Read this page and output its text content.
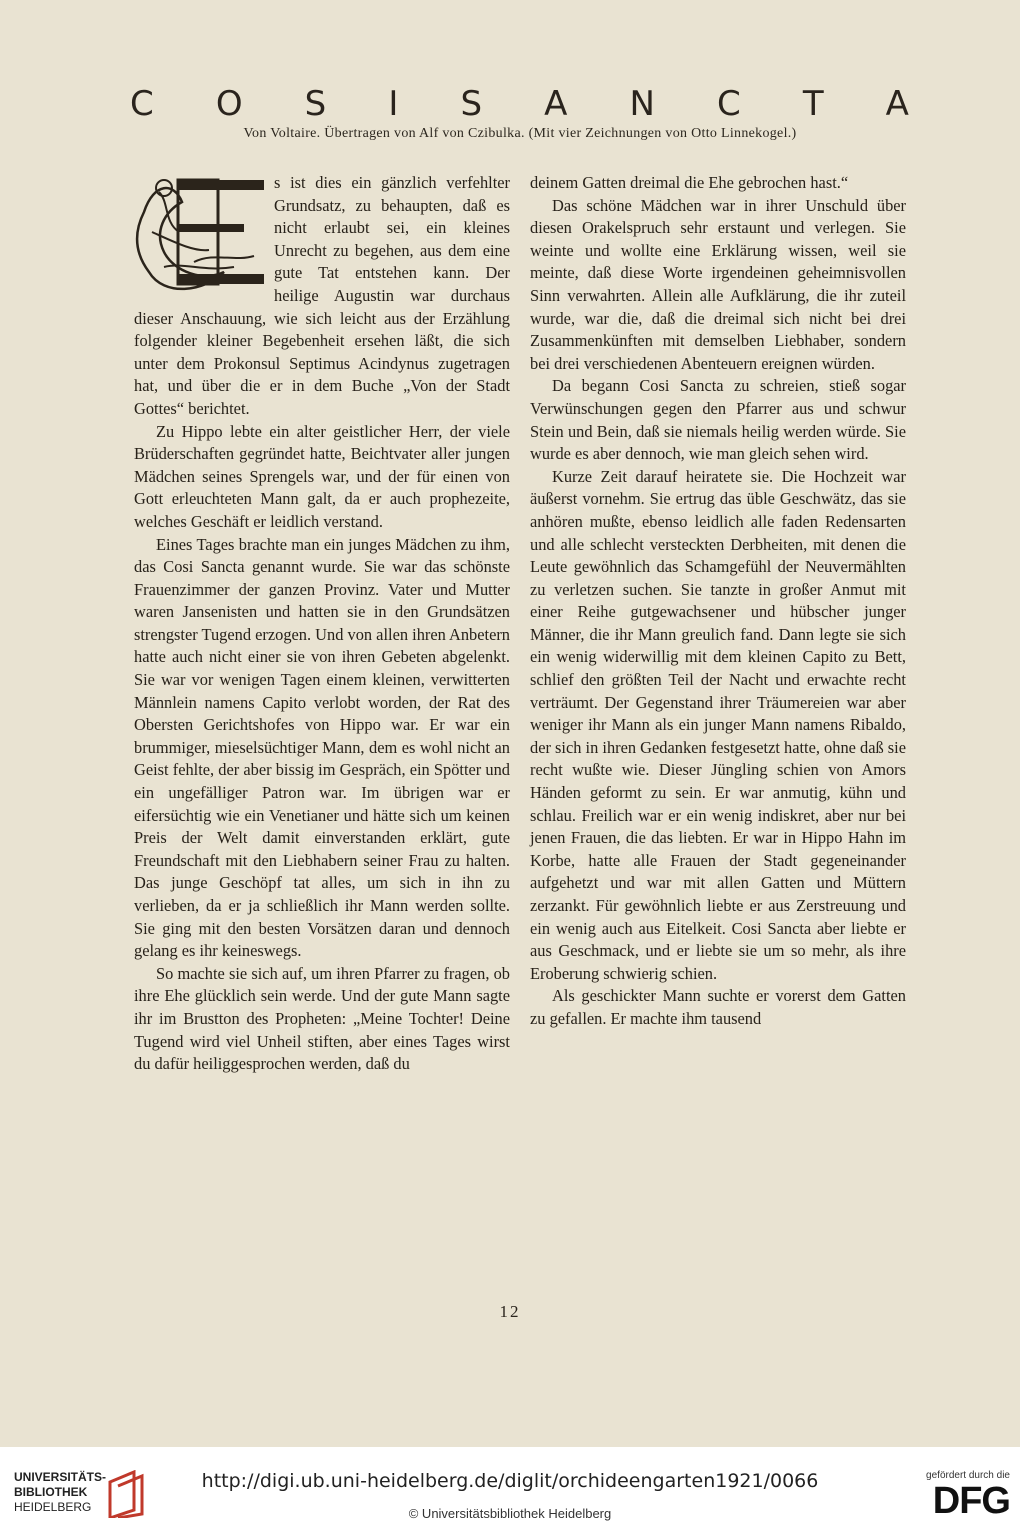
C O S I S A N C T A
Von Voltaire. Übertragen von Alf von Czibulka. (Mit vier Zeichnungen von Otto Linnekogel.)

s ist dies ein gänzlich verfehlter Grundsatz, zu behaupten, daß es nicht erlaubt sei, ein kleines Unrecht zu begehen, aus dem eine gute Tat entstehen kann. Der heilige Augustin war durchaus dieser Anschauung, wie sich leicht aus der Erzählung folgender kleiner Begebenheit ersehen läßt, die sich unter dem Prokonsul Septimus Acindynus zugetragen hat, und über die er in dem Buche „Von der Stadt Gottes“ berichtet.

Zu Hippo lebte ein alter geistlicher Herr, der viele Brüderschaften gegründet hatte, Beichtvater aller jungen Mädchen seines Sprengels war, und der für einen von Gott erleuchteten Mann galt, da er auch prophezeite, welches Geschäft er leidlich verstand.

Eines Tages brachte man ein junges Mädchen zu ihm, das Cosi Sancta genannt wurde. Sie war das schönste Frauenzimmer der ganzen Provinz. Vater und Mutter waren Jansenisten und hatten sie in den Grundsätzen strengster Tugend erzogen. Und von allen ihren Anbetern hatte auch nicht einer sie von ihren Gebeten abgelenkt. Sie war vor wenigen Tagen einem kleinen, verwitterten Männlein namens Capito verlobt worden, der Rat des Obersten Gerichtshofes von Hippo war. Er war ein brummiger, mieselsüchtiger Mann, dem es wohl nicht an Geist fehlte, der aber bissig im Gespräch, ein Spötter und ein ungefälliger Patron war. Im übrigen war er eifersüchtig wie ein Venetianer und hätte sich um keinen Preis der Welt damit einverstanden erklärt, gute Freundschaft mit den Liebhabern seiner Frau zu halten. Das junge Geschöpf tat alles, um sich in ihn zu verlieben, da er ja schließlich ihr Mann werden sollte. Sie ging mit den besten Vorsätzen daran und dennoch gelang es ihr keineswegs.

So machte sie sich auf, um ihren Pfarrer zu fragen, ob ihre Ehe glücklich sein werde. Und der gute Mann sagte ihr im Brustton des Propheten: „Meine Tochter! Deine Tugend wird viel Unheil stiften, aber eines Tages wirst du dafür heiliggesprochen werden, daß du

deinem Gatten dreimal die Ehe gebrochen hast.“

Das schöne Mädchen war in ihrer Unschuld über diesen Orakelspruch sehr erstaunt und verlegen. Sie weinte und wollte eine Erklärung wissen, weil sie meinte, daß diese Worte irgendeinen geheimnisvollen Sinn verwahrten. Allein alle Aufklärung, die ihr zuteil wurde, war die, daß die dreimal sich nicht bei drei Zusammenkünften mit demselben Liebhaber, sondern bei drei verschiedenen Abenteuern ereignen würden.

Da begann Cosi Sancta zu schreien, stieß sogar Verwünschungen gegen den Pfarrer aus und schwur Stein und Bein, daß sie niemals heilig werden würde. Sie wurde es aber dennoch, wie man gleich sehen wird.

Kurze Zeit darauf heiratete sie. Die Hochzeit war äußerst vornehm. Sie ertrug das üble Geschwätz, das sie anhören mußte, ebenso leidlich alle faden Redensarten und alle schlecht versteckten Derbheiten, mit denen die Leute gewöhnlich das Schamgefühl der Neuvermählten zu verletzen suchen. Sie tanzte in großer Anmut mit einer Reihe gutgewachsener und hübscher junger Männer, die ihr Mann greulich fand. Dann legte sie sich ein wenig widerwillig mit dem kleinen Capito zu Bett, schlief den größten Teil der Nacht und erwachte recht verträumt. Der Gegenstand ihrer Träumereien war aber weniger ihr Mann als ein junger Mann namens Ribaldo, der sich in ihren Gedanken festgesetzt hatte, ohne daß sie recht wußte wie. Dieser Jüngling schien von Amors Händen geformt zu sein. Er war anmutig, kühn und schlau. Freilich war er ein wenig indiskret, aber nur bei jenen Frauen, die das liebten. Er war in Hippo Hahn im Korbe, hatte alle Frauen der Stadt gegeneinander aufgehetzt und war mit allen Gatten und Müttern zerzankt. Für gewöhnlich liebte er aus Zerstreuung und ein wenig auch aus Eitelkeit. Cosi Sancta aber liebte er aus Geschmack, und er liebte sie um so mehr, als ihre Eroberung schwierig schien.

Als geschickter Mann suchte er vorerst dem Gatten zu gefallen. Er machte ihm tausend

12
UNIVERSITÄTS-
BIBLIOTHEK
HEIDELBERG
http://digi.ub.uni-heidelberg.de/diglit/orchideengarten1921/0066
© Universitätsbibliothek Heidelberg
gefördert durch die
DFG
